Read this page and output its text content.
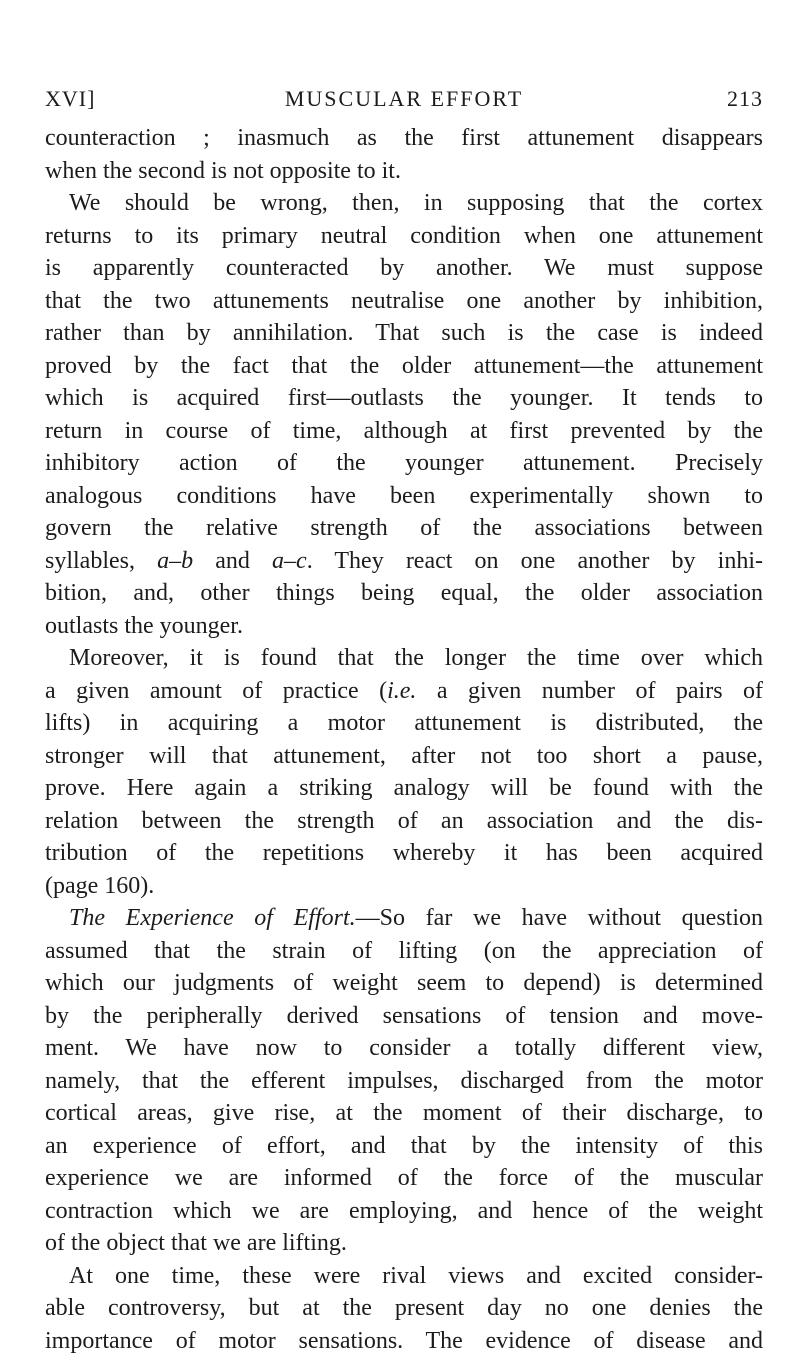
XVI]	MUSCULAR EFFORT	213
counteraction ; inasmuch as the first attunement disappears
when the second is not opposite to it.
We should be wrong, then, in supposing that the cortex
returns to its primary neutral condition when one attunement
is apparently counteracted by another. We must suppose
that the two attunements neutralise one another by inhibition,
rather than by annihilation. That such is the case is indeed
proved by the fact that the older attunement—the attunement
which is acquired first—outlasts the younger. It tends to
return in course of time, although at first prevented by the
inhibitory action of the younger attunement. Precisely
analogous conditions have been experimentally shown to
govern the relative strength of the associations between
syllables, a–b and a–c. They react on one another by inhi-
bition, and, other things being equal, the older association
outlasts the younger.
Moreover, it is found that the longer the time over which
a given amount of practice (i.e. a given number of pairs of
lifts) in acquiring a motor attunement is distributed, the
stronger will that attunement, after not too short a pause,
prove. Here again a striking analogy will be found with the
relation between the strength of an association and the dis-
tribution of the repetitions whereby it has been acquired
(page 160).
The Experience of Effort.—So far we have without question
assumed that the strain of lifting (on the appreciation of
which our judgments of weight seem to depend) is determined
by the peripherally derived sensations of tension and move-
ment. We have now to consider a totally different view,
namely, that the efferent impulses, discharged from the motor
cortical areas, give rise, at the moment of their discharge, to
an experience of effort, and that by the intensity of this
experience we are informed of the force of the muscular
contraction which we are employing, and hence of the weight
of the object that we are lifting.
At one time, these were rival views and excited consider-
able controversy, but at the present day no one denies the
importance of motor sensations. The evidence of disease and
